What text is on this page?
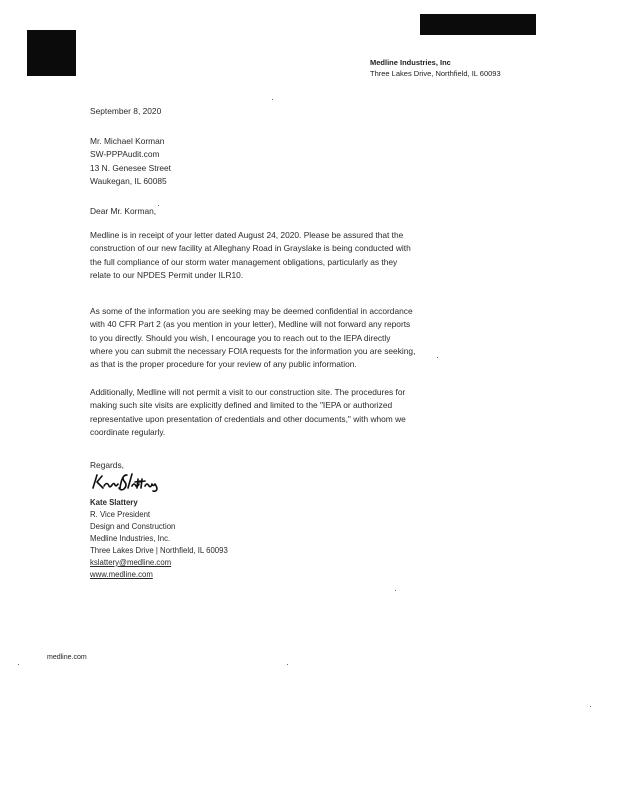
Medline Industries, Inc
Three Lakes Drive, Northfield, IL 60093
September 8, 2020
Mr. Michael Korman
SW-PPPAudit.com
13 N. Genesee Street
Waukegan, IL 60085
Dear Mr. Korman,
Medline is in receipt of your letter dated August 24, 2020. Please be assured that the
construction of our new facility at Alleghany Road in Grayslake is being conducted with
the full compliance of our storm water management obligations, particularly as they
relate to our NPDES Permit under ILR10.
As some of the information you are seeking may be deemed confidential in accordance
with 40 CFR Part 2 (as you mention in your letter), Medline will not forward any reports
to you directly. Should you wish, I encourage you to reach out to the IEPA directly
where you can submit the necessary FOIA requests for the information you are seeking,
as that is the proper procedure for your review of any public information.
Additionally, Medline will not permit a visit to our construction site. The procedures for
making such site visits are explicitly defined and limited to the "IEPA or authorized
representative upon presentation of credentials and other documents," with whom we
coordinate regularly.
Regards,
Kate Slattery
R. Vice President
Design and Construction
Medline Industries, Inc.
Three Lakes Drive | Northfield, IL 60093
kslattery@medline.com
www.medline.com
medline.com
